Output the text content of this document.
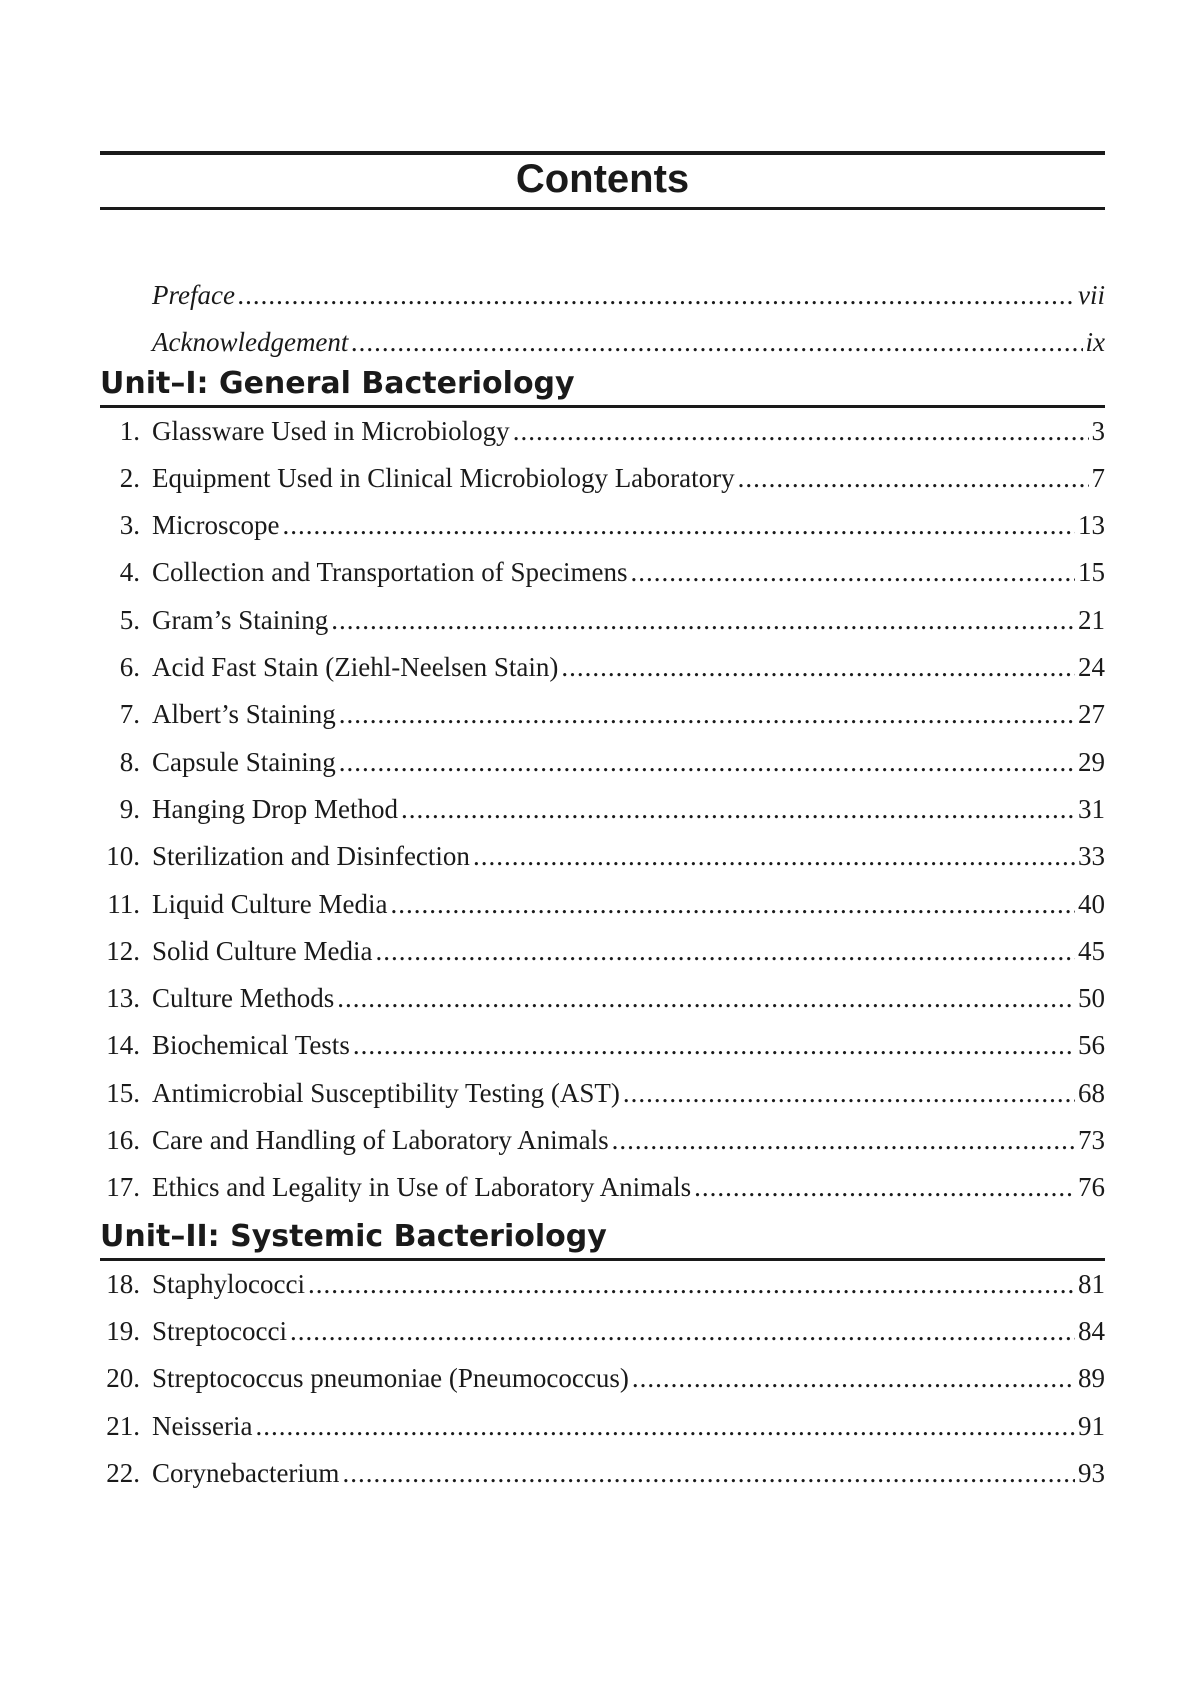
Contents
Preface .....	vii
Acknowledgement .....	ix
Unit–I: General Bacteriology
1. Glassware Used in Microbiology .....	3
2. Equipment Used in Clinical Microbiology Laboratory .....	7
3. Microscope .....	13
4. Collection and Transportation of Specimens .....	15
5. Gram’s Staining .....	21
6. Acid Fast Stain (Ziehl-Neelsen Stain) .....	24
7. Albert’s Staining .....	27
8. Capsule Staining .....	29
9. Hanging Drop Method .....	31
10. Sterilization and Disinfection .....	33
11. Liquid Culture Media .....	40
12. Solid Culture Media .....	45
13. Culture Methods .....	50
14. Biochemical Tests .....	56
15. Antimicrobial Susceptibility Testing (AST) .....	68
16. Care and Handling of Laboratory Animals .....	73
17. Ethics and Legality in Use of Laboratory Animals .....	76
Unit–II: Systemic Bacteriology
18. Staphylococci .....	81
19. Streptococci .....	84
20. Streptococcus pneumoniae (Pneumococcus) .....	89
21. Neisseria .....	91
22. Corynebacterium .....	93
